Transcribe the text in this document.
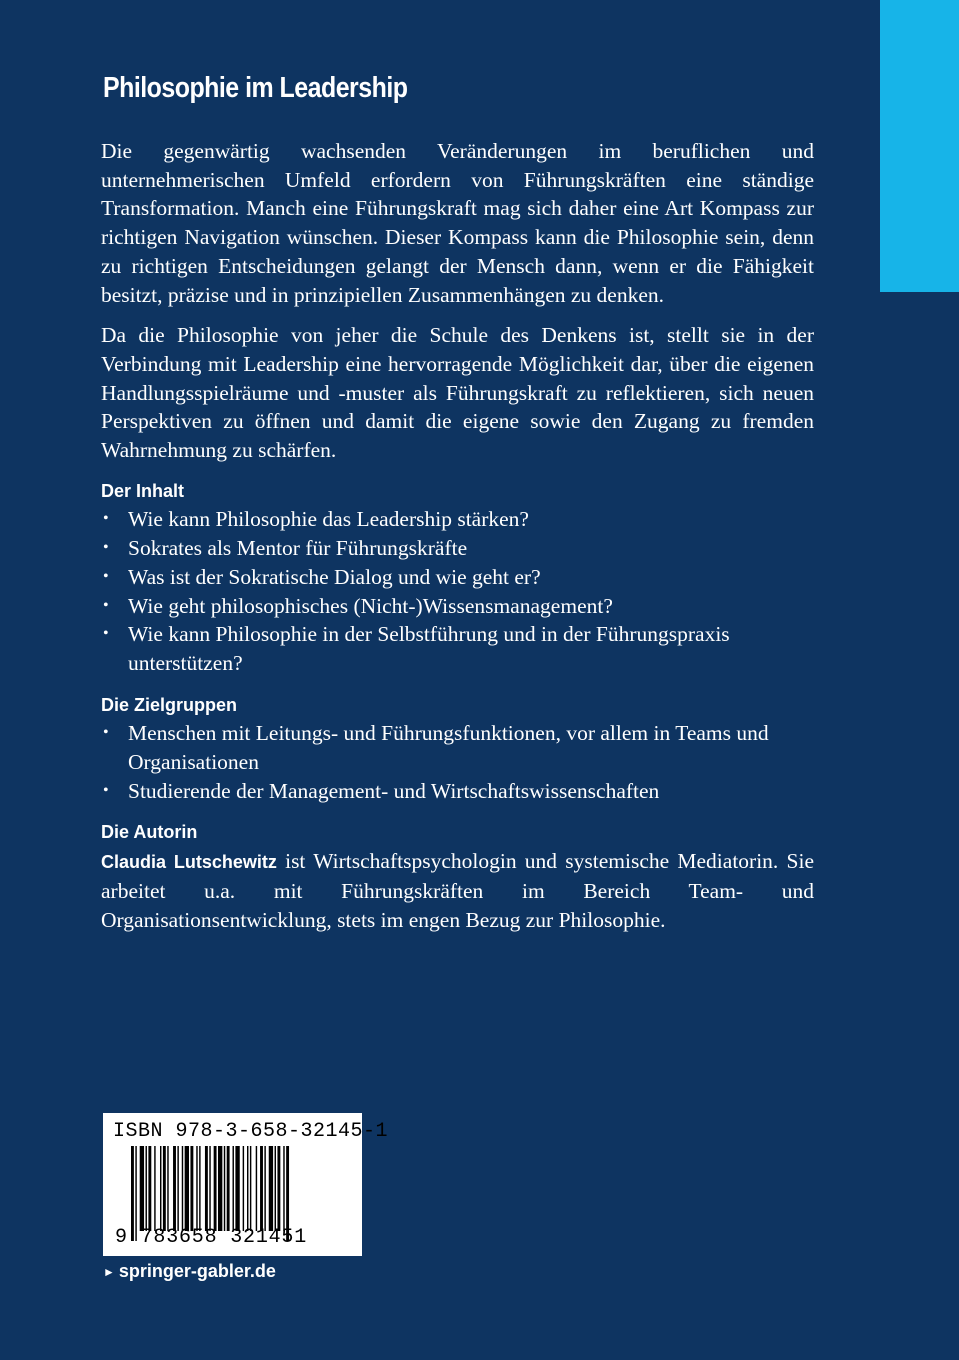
Philosophie im Leadership

Die gegenwärtig wachsenden Veränderungen im beruflichen und unternehmerischen Umfeld erfordern von Führungskräften eine ständige Transformation. Manch eine Führungskraft mag sich daher eine Art Kompass zur richtigen Navigation wünschen. Dieser Kompass kann die Philosophie sein, denn zu richtigen Entscheidungen gelangt der Mensch dann, wenn er die Fähigkeit besitzt, präzise und in prinzipiellen Zusammenhängen zu denken.

Da die Philosophie von jeher die Schule des Denkens ist, stellt sie in der Verbindung mit Leadership eine hervorragende Möglichkeit dar, über die eigenen Handlungsspielräume und -muster als Führungskraft zu reflektieren, sich neuen Perspektiven zu öffnen und damit die eigene sowie den Zugang zu fremden Wahrnehmung zu schärfen.

Der Inhalt
• Wie kann Philosophie das Leadership stärken?
• Sokrates als Mentor für Führungskräfte
• Was ist der Sokratische Dialog und wie geht er?
• Wie geht philosophisches (Nicht-)Wissensmanagement?
• Wie kann Philosophie in der Selbstführung und in der Führungspraxis unterstützen?
Die Zielgruppen
• Menschen mit Leitungs- und Führungsfunktionen, vor allem in Teams und Organisationen
• Studierende der Management- und Wirtschaftswissenschaften
Die Autorin

Claudia Lutschewitz ist Wirtschaftspsychologin und systemische Mediatorin. Sie arbeitet u.a. mit Führungskräften im Bereich Team- und Organisationsentwicklung, stets im engen Bezug zur Philosophie.

ISBN 978-3-658-32145-1
9 783658 321451
► springer-gabler.de
